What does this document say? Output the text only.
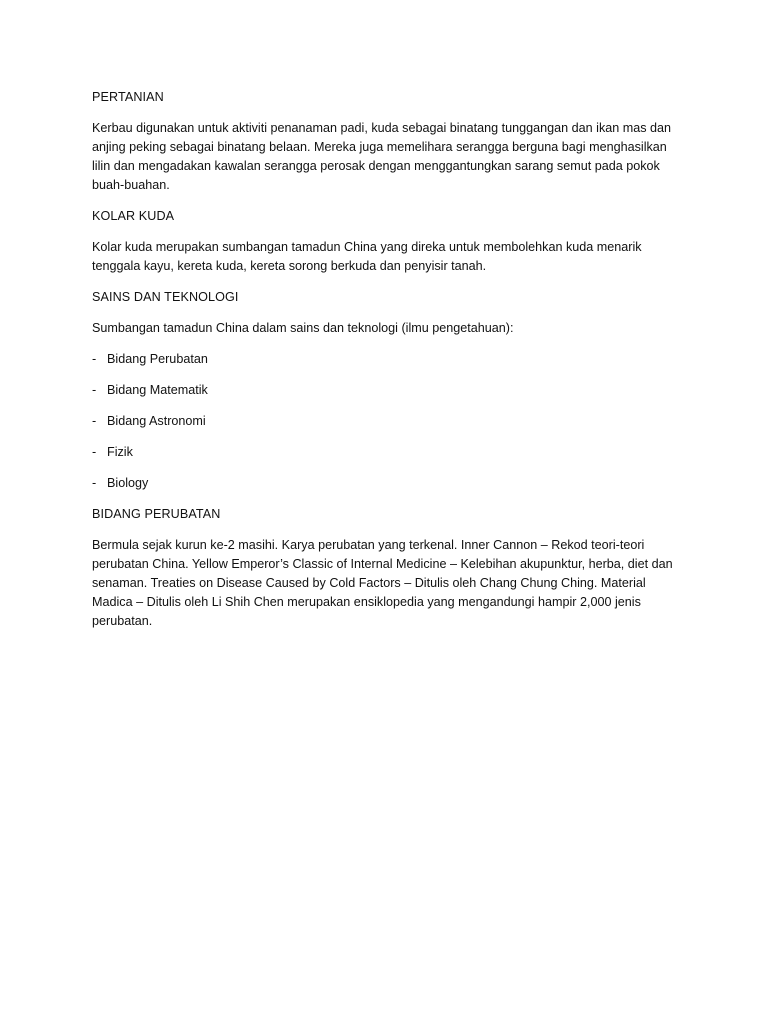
PERTANIAN

Kerbau digunakan untuk aktiviti penanaman padi, kuda sebagai binatang tunggangan dan ikan mas dan anjing peking sebagai binatang belaan. Mereka juga memelihara serangga berguna bagi menghasilkan lilin dan mengadakan kawalan serangga perosak dengan menggantungkan sarang semut pada pokok buah-buahan.

KOLAR KUDA

Kolar kuda merupakan sumbangan tamadun China yang direka untuk membolehkan kuda menarik tenggala kayu, kereta kuda, kereta sorong berkuda dan penyisir tanah.

SAINS DAN TEKNOLOGI

Sumbangan tamadun China dalam sains dan teknologi (ilmu pengetahuan):

- Bidang Perubatan
- Bidang Matematik
- Bidang Astronomi
- Fizik
- Biology

BIDANG PERUBATAN

Bermula sejak kurun ke-2 masihi. Karya perubatan yang terkenal. Inner Cannon – Rekod teori-teori perubatan China. Yellow Emperor’s Classic of Internal Medicine – Kelebihan akupunktur, herba, diet dan senaman. Treaties on Disease Caused by Cold Factors – Ditulis oleh Chang Chung Ching. Material Madica – Ditulis oleh Li Shih Chen merupakan ensiklopedia yang mengandungi hampir 2,000 jenis perubatan.
